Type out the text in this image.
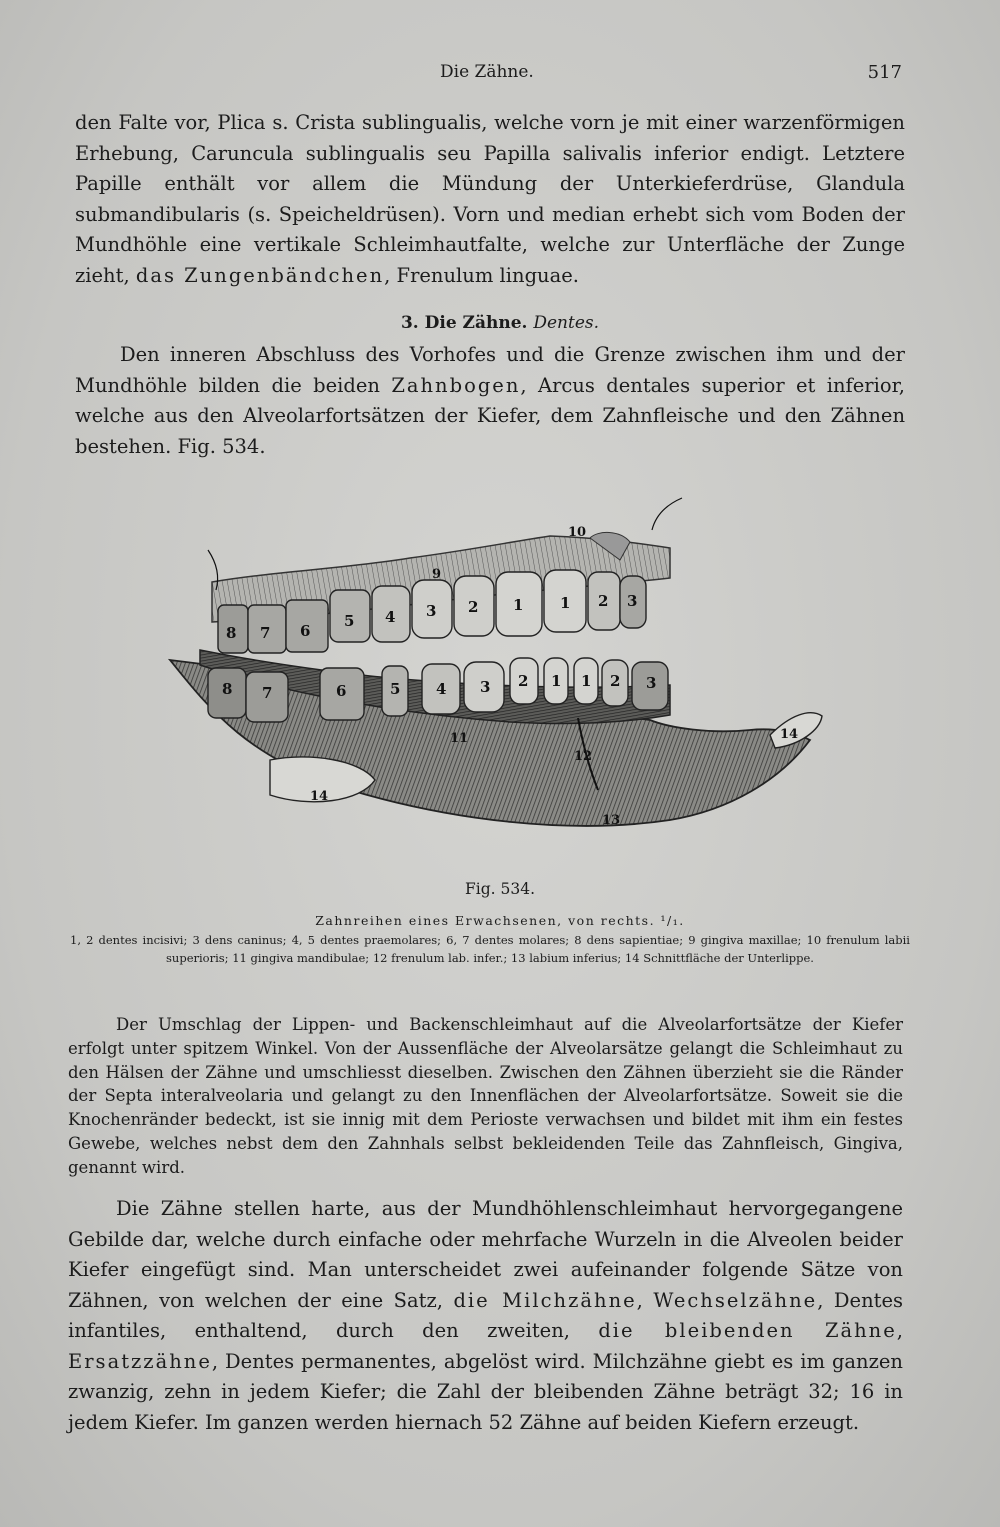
Die Zähne.	517
den Falte vor, Plica s. Crista sublingualis, welche vorn je mit einer warzenförmigen Erhebung, Caruncula sublingualis seu Papilla salivalis inferior endigt. Letztere Papille enthält vor allem die Mündung der Unterkieferdrüse, Glandula submandibularis (s. Speicheldrüsen). Vorn und median erhebt sich vom Boden der Mundhöhle eine vertikale Schleimhautfalte, welche zur Unterfläche der Zunge zieht, das Zungenbändchen, Frenulum linguae.
3. Die Zähne. Dentes.
Den inneren Abschluss des Vorhofes und die Grenze zwischen ihm und der Mundhöhle bilden die beiden Zahnbogen, Arcus dentales superior et inferior, welche aus den Alveolarfortsätzen der Kiefer, dem Zahnfleische und den Zähnen bestehen. Fig. 534.
8 7 6
5 4 3 2 1 1 2 3
8 7	6	5 4 3 2 1 1 2 3
9
10
11
12
13
14
14
Fig. 534.
Zahnreihen eines Erwachsenen, von rechts. ¹/₁.
1, 2 dentes incisivi; 3 dens caninus; 4, 5 dentes praemolares; 6, 7 dentes molares; 8 dens sapientiae; 9 gingiva maxillae; 10 frenulum labii superioris; 11 gingiva mandibulae; 12 frenulum lab. infer.; 13 labium inferius; 14 Schnittfläche der Unterlippe.
Der Umschlag der Lippen- und Backenschleimhaut auf die Alveolarfortsätze der Kiefer erfolgt unter spitzem Winkel. Von der Aussenfläche der Alveolarsätze gelangt die Schleimhaut zu den Hälsen der Zähne und umschliesst dieselben. Zwischen den Zähnen überzieht sie die Ränder der Septa interalveolaria und gelangt zu den Innenflächen der Alveolarfortsätze. Soweit sie die Knochenränder bedeckt, ist sie innig mit dem Perioste verwachsen und bildet mit ihm ein festes Gewebe, welches nebst dem den Zahnhals selbst bekleidenden Teile das Zahnfleisch, Gingiva, genannt wird.
Die Zähne stellen harte, aus der Mundhöhlenschleimhaut hervorgegangene Gebilde dar, welche durch einfache oder mehrfache Wurzeln in die Alveolen beider Kiefer eingefügt sind. Man unterscheidet zwei aufeinander folgende Sätze von Zähnen, von welchen der eine Satz, die Milchzähne, Wechselzähne, Dentes infantiles, enthaltend, durch den zweiten, die bleibenden Zähne, Ersatzzähne, Dentes permanentes, abgelöst wird. Milchzähne giebt es im ganzen zwanzig, zehn in jedem Kiefer; die Zahl der bleibenden Zähne beträgt 32; 16 in jedem Kiefer. Im ganzen werden hiernach 52 Zähne auf beiden Kiefern erzeugt.
